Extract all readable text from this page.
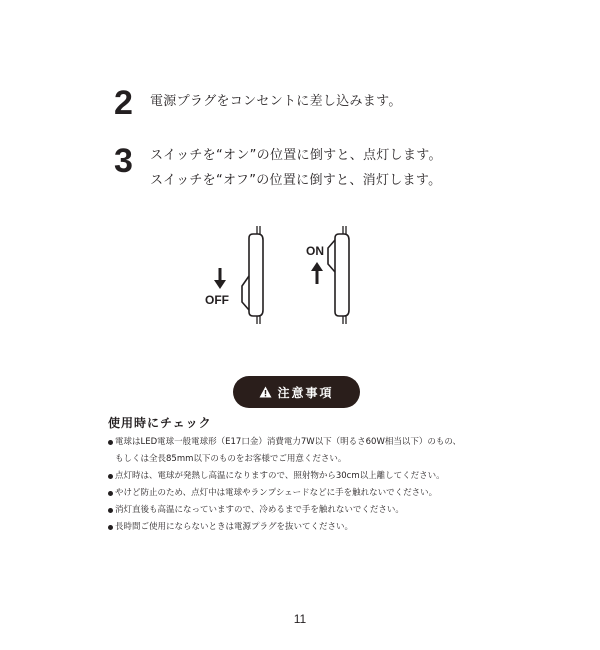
2	電源プラグをコンセントに差し込みます。
3	スイッチを“オン”の位置に倒すと、点灯します。
スイッチを“オフ”の位置に倒すと、消灯します。
OFF
ON
注意事項
使用時にチェック
電球はLED電球一般電球形（E17口金）消費電力7W以下（明るさ60W相当以下）のもの、
もしくは全長85mm以下のものをお客様でご用意ください。
点灯時は、電球が発熱し高温になりますので、照射物から30cm以上離してください。
やけど防止のため、点灯中は電球やランプシェードなどに手を触れないでください。
消灯直後も高温になっていますので、冷めるまで手を触れないでください。
長時間ご使用にならないときは電源プラグを抜いてください。
11
